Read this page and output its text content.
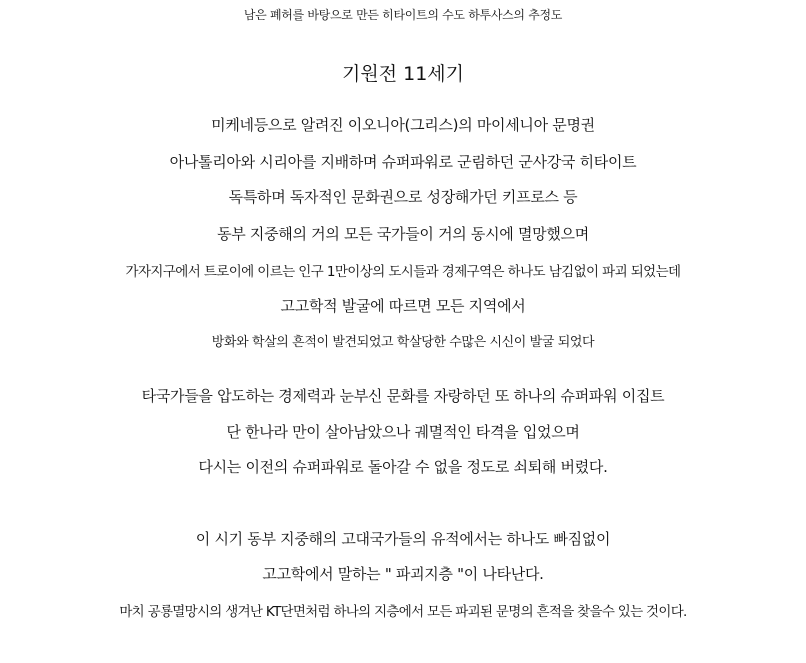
남은 폐허를 바탕으로 만든 히타이트의 수도 하투사스의 추정도
기원전 11세기
미케네등으로 알려진 이오니아(그리스)의 마이세니아 문명권
아나톨리아와 시리아를 지배하며 슈퍼파워로 군림하던 군사강국 히타이트
독특하며 독자적인 문화권으로 성장해가던 키프로스 등
동부 지중해의 거의 모든 국가들이 거의 동시에 멸망했으며
가자지구에서 트로이에 이르는 인구 1만이상의 도시들과 경제구역은 하나도 남김없이 파괴 되었는데
고고학적 발굴에 따르면 모든 지역에서
방화와 학살의 흔적이 발견되었고 학살당한 수많은 시신이 발굴 되었다
타국가들을 압도하는 경제력과 눈부신 문화를 자랑하던 또 하나의 슈퍼파워 이집트
단 한나라 만이 살아남았으나 궤멸적인 타격을 입었으며
다시는 이전의 슈퍼파워로 돌아갈 수 없을 정도로 쇠퇴해 버렸다.
이 시기 동부 지중해의 고대국가들의 유적에서는 하나도 빠짐없이
고고학에서 말하는 " 파괴지층 "이 나타난다.
마치 공룡멸망시의 생겨난 KT단면처럼 하나의 지층에서 모든 파괴된 문명의 흔적을 찾을수 있는 것이다.
